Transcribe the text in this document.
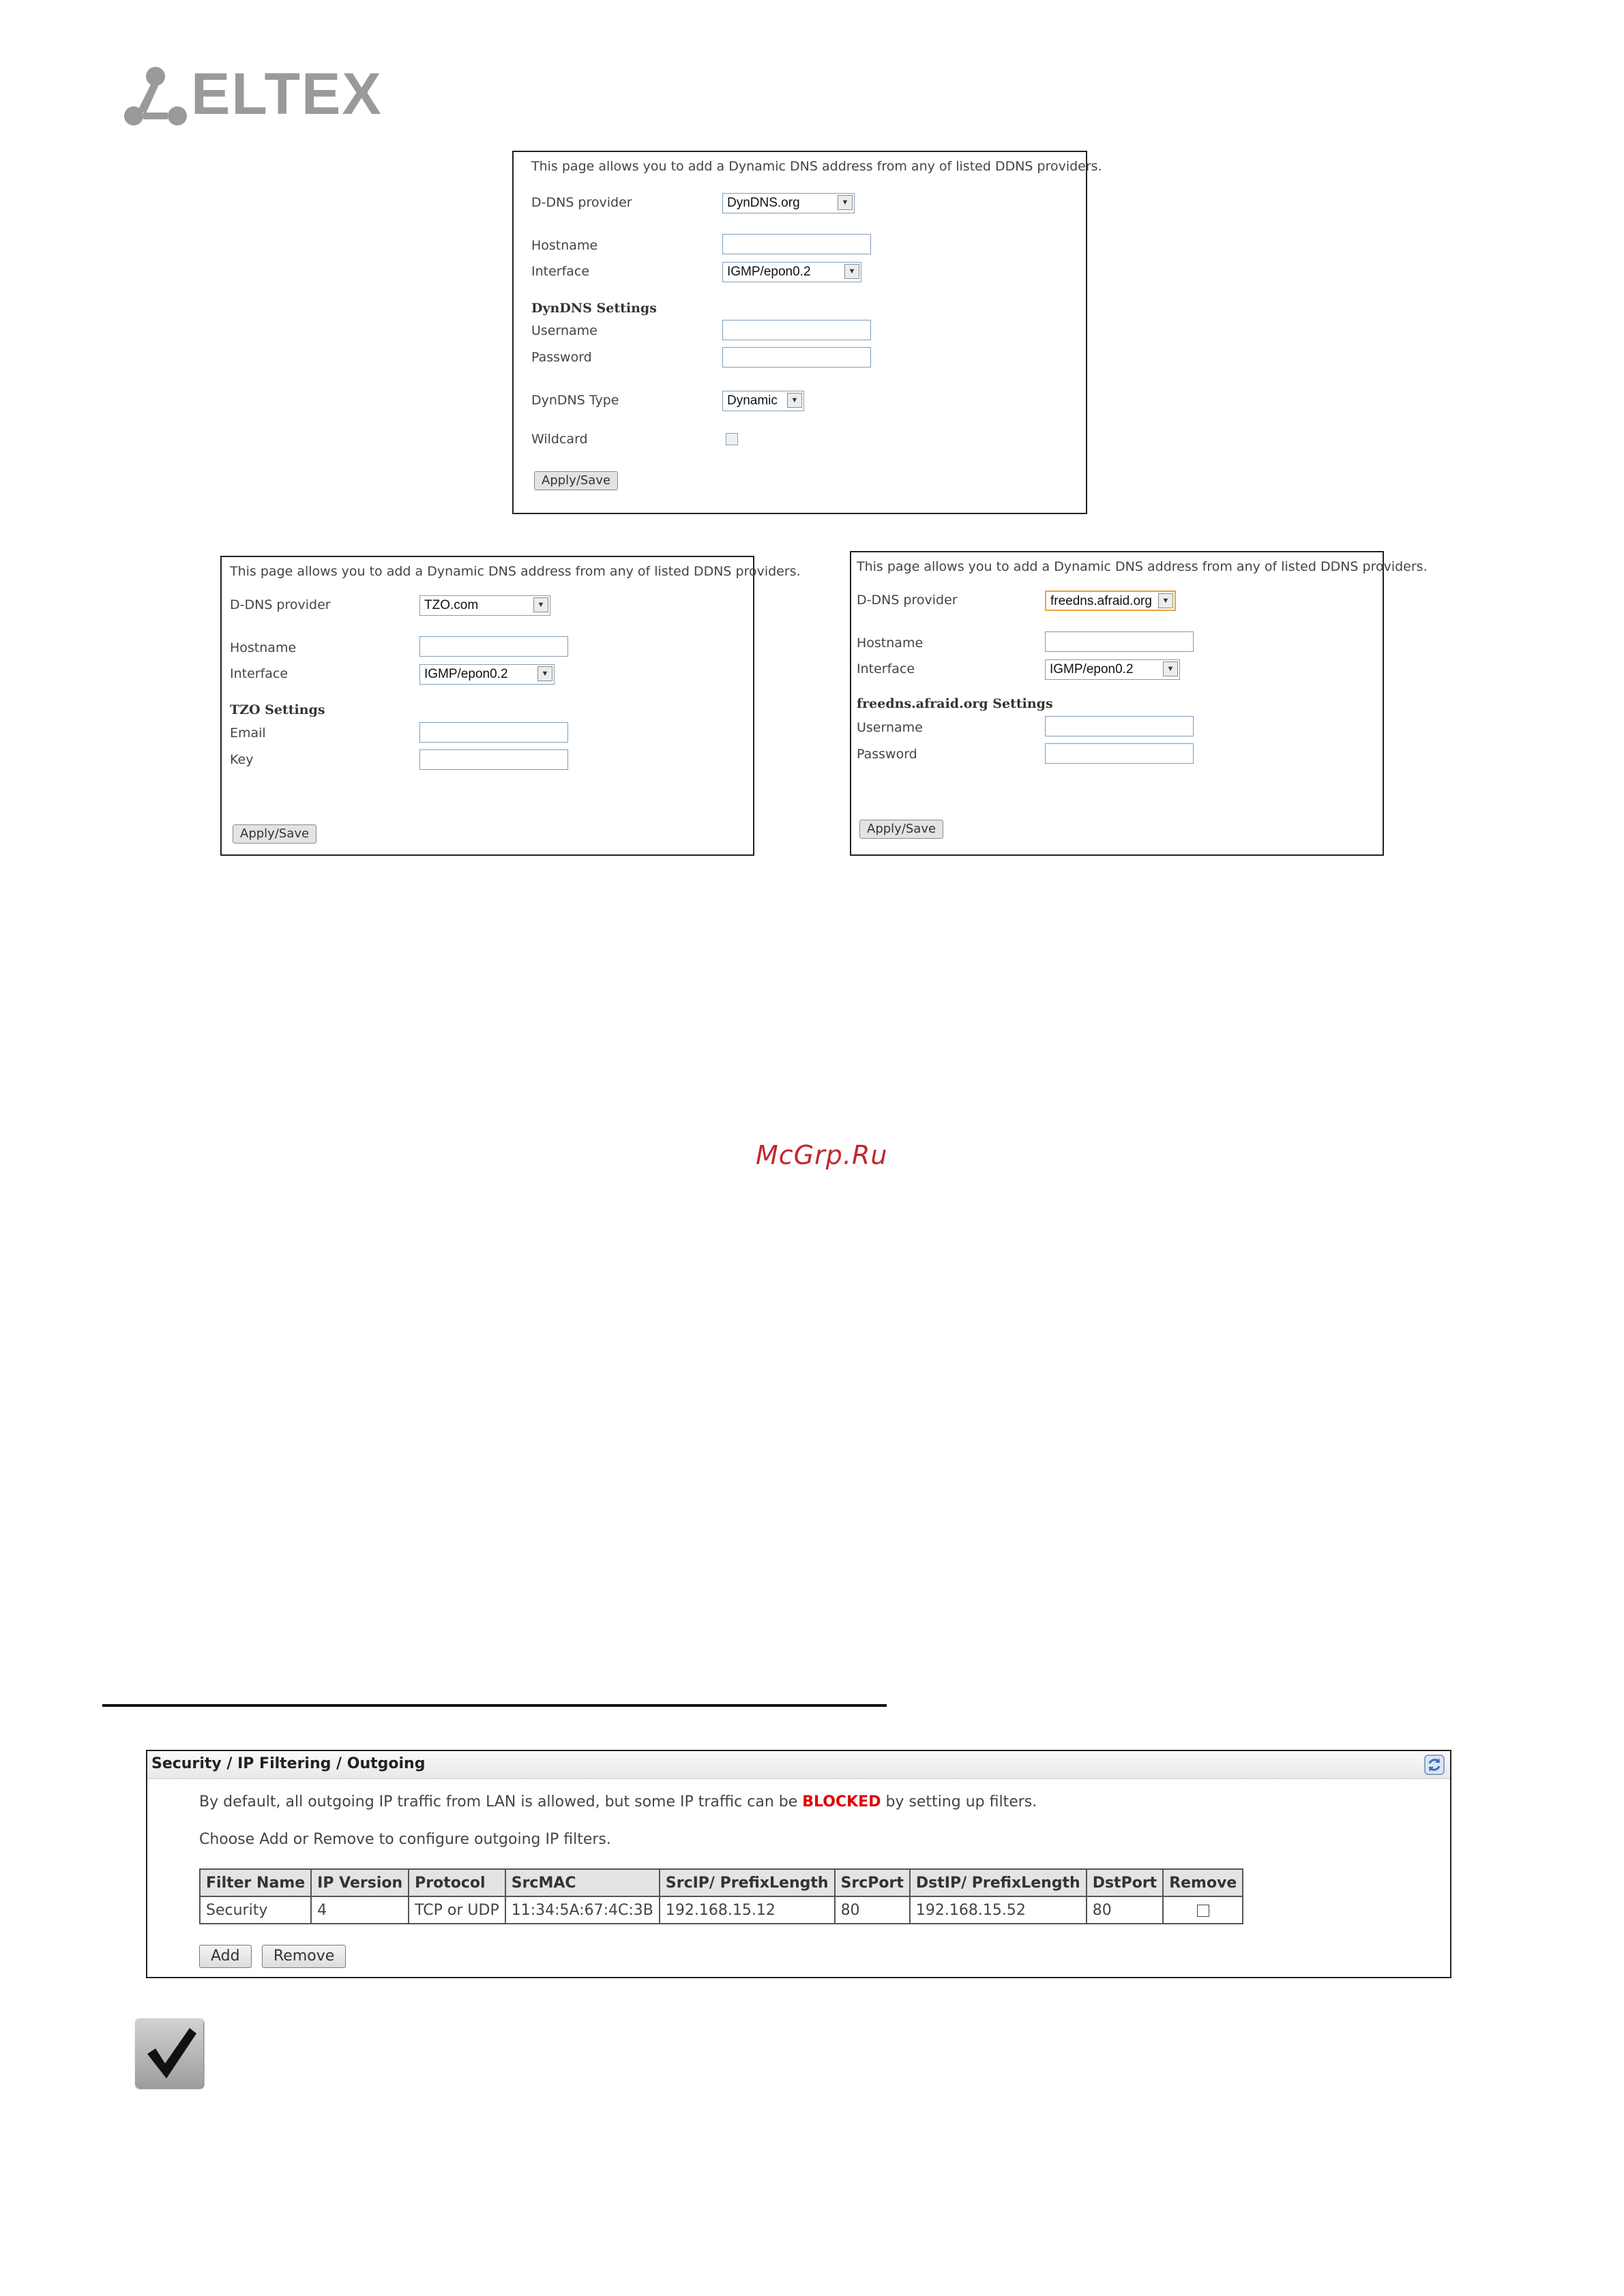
ELTEX
This page allows you to add a Dynamic DNS address from any of listed DDNS providers.
D-DNS provider	DynDNS.org	▼
Hostname
Interface	IGMP/epon0.2	▼
DynDNS Settings
Username
Password
DynDNS Type	Dynamic	▼
Wildcard
Apply/Save
This page allows you to add a Dynamic DNS address from any of listed DDNS providers.
D-DNS provider	TZO.com	▼
Hostname
Interface	IGMP/epon0.2	▼
TZO Settings
Email
Key
Apply/Save
This page allows you to add a Dynamic DNS address from any of listed DDNS providers.
D-DNS provider	freedns.afraid.org	▼
Hostname
Interface	IGMP/epon0.2	▼
freedns.afraid.org Settings
Username
Password
Apply/Save
McGrp.Ru
Security / IP Filtering / Outgoing
By default, all outgoing IP traffic from LAN is allowed, but some IP traffic can be BLOCKED by setting up filters.
Choose Add or Remove to configure outgoing IP filters.
Filter Name	IP Version	Protocol	SrcMAC	SrcIP/ PrefixLength	SrcPort	DstIP/ PrefixLength	DstPort	Remove
Security	4	TCP or UDP	11:34:5A:67:4C:3B	192.168.15.12	80	192.168.15.52	80	
Add	Remove
